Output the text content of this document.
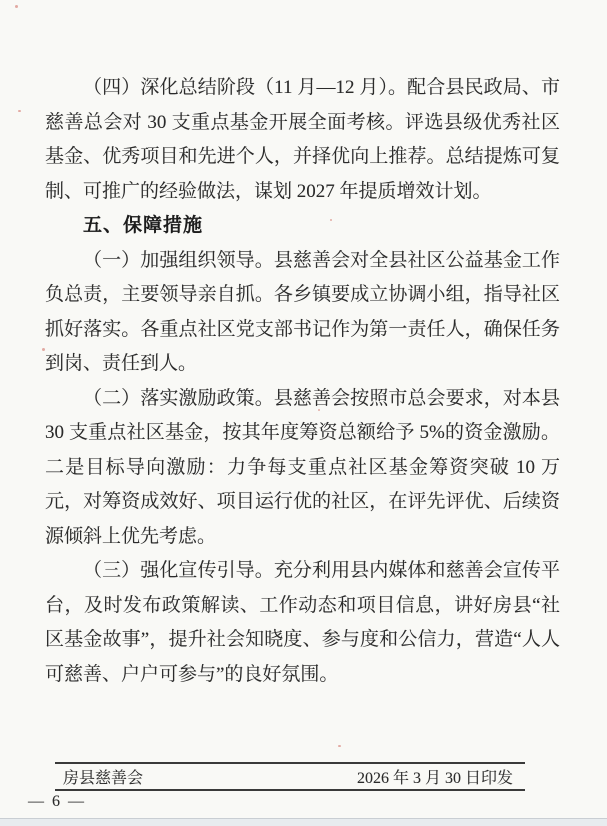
（四）深化总结阶段（11 月—12 月）。配合县民政局、市慈善总会对 30 支重点基金开展全面考核。评选县级优秀社区基金、优秀项目和先进个人，并择优向上推荐。总结提炼可复制、可推广的经验做法，谋划 2027 年提质增效计划。

五、保障措施

（一）加强组织领导。县慈善会对全县社区公益基金工作负总责，主要领导亲自抓。各乡镇要成立协调小组，指导社区抓好落实。各重点社区党支部书记作为第一责任人，确保任务到岗、责任到人。

（二）落实激励政策。县慈善会按照市总会要求，对本县 30 支重点社区基金，按其年度筹资总额给予 5%的资金激励。二是目标导向激励：力争每支重点社区基金筹资突破 10 万元，对筹资成效好、项目运行优的社区，在评先评优、后续资源倾斜上优先考虑。

（三）强化宣传引导。充分利用县内媒体和慈善会宣传平台，及时发布政策解读、工作动态和项目信息，讲好房县“社区基金故事”，提升社会知晓度、参与度和公信力，营造“人人可慈善、户户可参与”的良好氛围。

房县慈善会	2026 年 3 月 30 日印发
— 6 —
